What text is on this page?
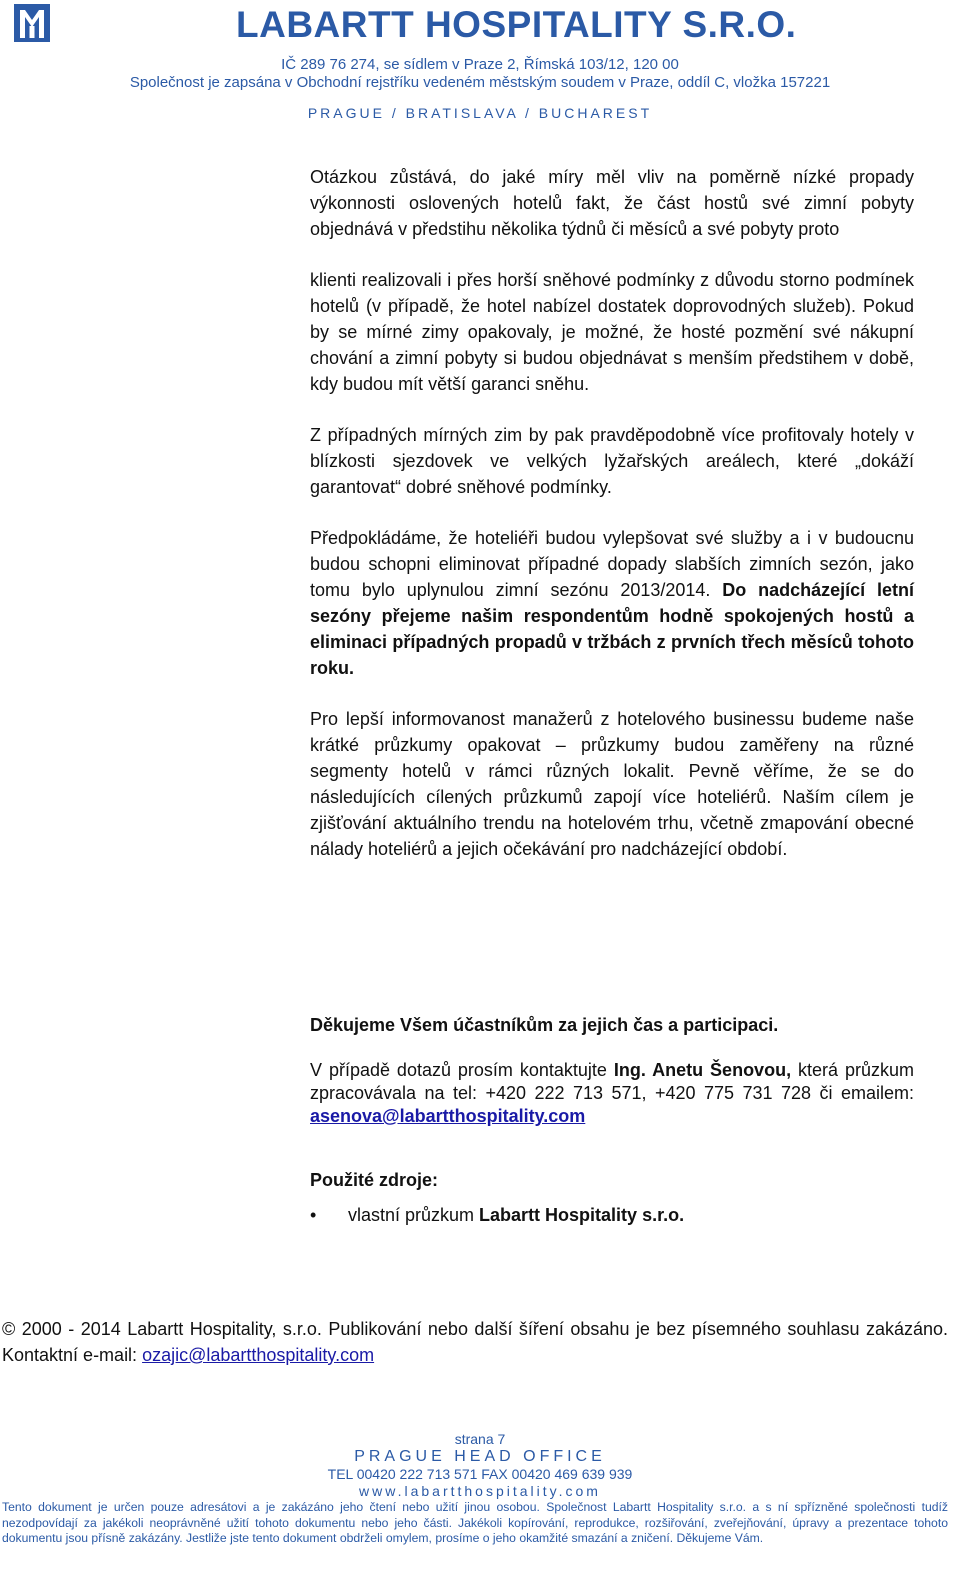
LABARTT HOSPITALITY S.R.O.
IČ 289 76 274, se sídlem v Praze 2, Římská 103/12, 120 00
Společnost je zapsána v Obchodní rejstříku vedeném městským soudem v Praze, oddíl C, vložka 157221
PRAGUE / BRATISLAVA / BUCHAREST

Otázkou zůstává, do jaké míry měl vliv na poměrně nízké propady výkonnosti oslovených hotelů fakt, že část hostů své zimní pobyty objednává v předstihu několika týdnů či měsíců a své pobyty proto

klienti realizovali i přes horší sněhové podmínky z důvodu storno podmínek hotelů (v případě, že hotel nabízel dostatek doprovodných služeb). Pokud by se mírné zimy opakovaly, je možné, že hosté pozmění své nákupní chování a zimní pobyty si budou objednávat s menším předstihem v době, kdy budou mít větší garanci sněhu.

Z případných mírných zim by pak pravděpodobně více profitovaly hotely v blízkosti sjezdovek ve velkých lyžařských areálech, které „dokáží garantovat“ dobré sněhové podmínky.

Předpokládáme, že hoteliéři budou vylepšovat své služby a i v budoucnu budou schopni eliminovat případné dopady slabších zimních sezón, jako tomu bylo uplynulou zimní sezónu 2013/2014. Do nadcházející letní sezóny přejeme našim respondentům hodně spokojených hostů a eliminaci případných propadů v tržbách z prvních třech měsíců tohoto roku.

Pro lepší informovanost manažerů z hotelového businessu budeme naše krátké průzkumy opakovat – průzkumy budou zaměřeny na různé segmenty hotelů v rámci různých lokalit. Pevně věříme, že se do následujících cílených průzkumů zapojí více hoteliérů. Naším cílem je zjišťování aktuálního trendu na hotelovém trhu, včetně zmapování obecné nálady hoteliérů a jejich očekávání pro nadcházející období.

Děkujeme Všem účastníkům za jejich čas a participaci.

V případě dotazů prosím kontaktujte Ing. Anetu Šenovou, která průzkum zpracovávala na tel: +420 222 713 571, +420 775 731 728 či emailem: asenova@labartthospitality.com

Použité zdroje:
• vlastní průzkum Labartt Hospitality s.r.o.

© 2000 - 2014 Labartt Hospitality, s.r.o. Publikování nebo další šíření obsahu je bez písemného souhlasu zakázáno. Kontaktní e-mail: ozajic@labartthospitality.com

strana 7
PRAGUE HEAD OFFICE
TEL 00420 222 713 571 FAX 00420 469 639 939
www.labartthospitality.com

Tento dokument je určen pouze adresátovi a je zakázáno jeho čtení nebo užití jinou osobou. Společnost Labartt Hospitality s.r.o. a s ní spřízněné společnosti tudíž nezodpovídají za jakékoli neoprávněné užití tohoto dokumentu nebo jeho části. Jakékoli kopírování, reprodukce, rozšiřování, zveřejňování, úpravy a prezentace tohoto dokumentu jsou přísně zakázány. Jestliže jste tento dokument obdrželi omylem, prosíme o jeho okamžité smazání a zničení. Děkujeme Vám.
